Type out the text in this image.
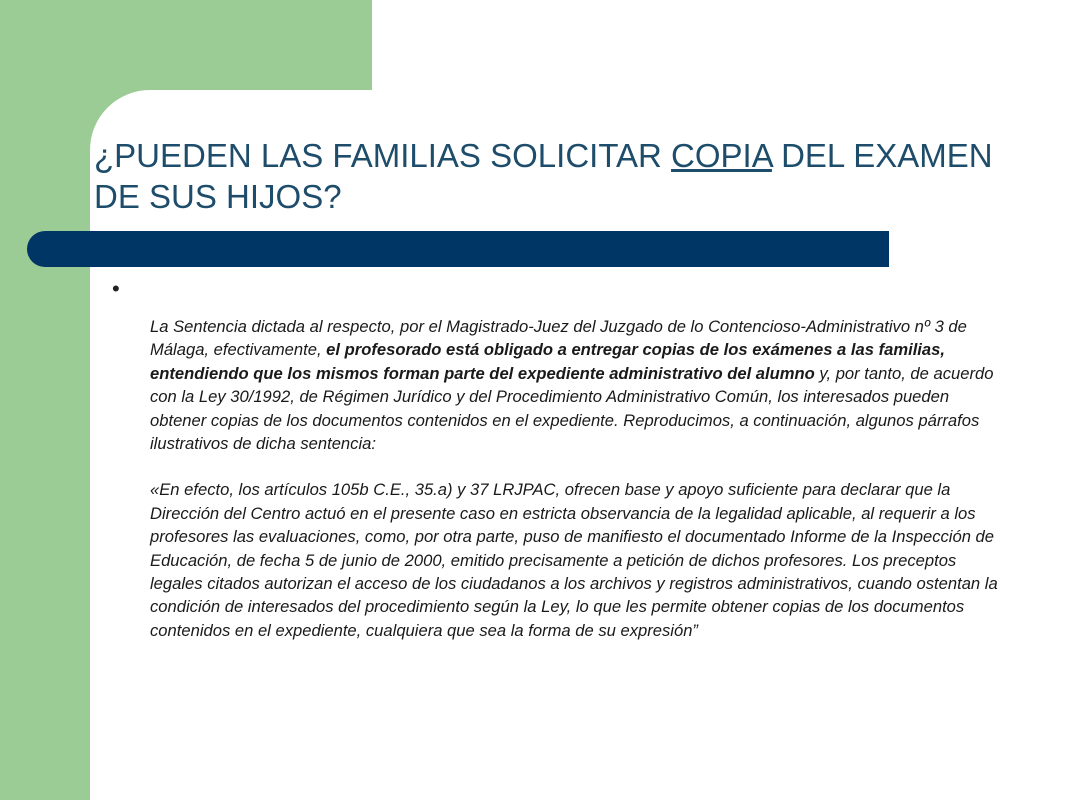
¿PUEDEN LAS FAMILIAS SOLICITAR COPIA DEL EXAMEN DE SUS HIJOS?
•

La Sentencia dictada al respecto, por el Magistrado-Juez del Juzgado de lo Contencioso-Administrativo nº 3 de Málaga, efectivamente, el profesorado está obligado a entregar copias de los exámenes a las familias, entendiendo que los mismos forman parte del expediente administrativo del alumno y, por tanto, de acuerdo con la Ley 30/1992, de Régimen Jurídico y del Procedimiento Administrativo Común, los interesados pueden obtener copias de los documentos contenidos en el expediente. Reproducimos, a continuación, algunos párrafos ilustrativos de dicha sentencia:

«En efecto, los artículos 105b C.E., 35.a) y 37 LRJPAC, ofrecen base y apoyo suficiente para declarar que la Dirección del Centro actuó en el presente caso en estricta observancia de la legalidad aplicable, al requerir a los profesores las evaluaciones, como, por otra parte, puso de manifiesto el documentado Informe de la Inspección de Educación, de fecha 5 de junio de 2000, emitido precisamente a petición de dichos profesores. Los preceptos legales citados autorizan el acceso de los ciudadanos a los archivos y registros administrativos, cuando ostentan la condición de interesados del procedimiento según la Ley, lo que les permite obtener copias de los documentos contenidos en el expediente, cualquiera que sea la forma de su expresión”
